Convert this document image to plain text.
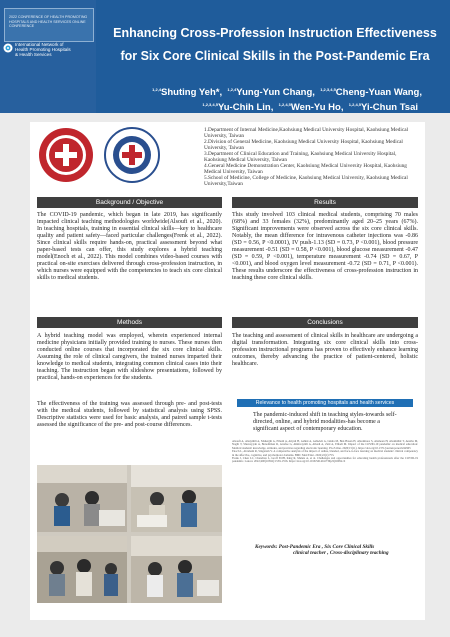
2022 CONFERENCE OF HEALTH PROMOTING
HOSPITALS AND HEALTH SERVICES ONLINE
CONFERENCE
International Network of
Health Promoting Hospitals
& Health Services
Enhancing Cross-Profession Instruction Effectiveness
for Six Core Clinical Skills in the Post-Pandemic Era
$^{1,2,4}$Shuting Yeh*, $^{1,2,4}$Yung-Yun Chang, $^{1,2,3,4,5}$Cheng-Yuan Wang,
$^{1,2,3,4,5}$Yu-Chih Lin, $^{1,2,4,5}$Wen-Yu Ho, $^{1,2,4,5}$Yi-Chun Tsai
1.Department of Internal Medicine,Kaohsiung Medical University Hospital, Kaohsiung Medical University, Taiwan
2.Division of General Medicine, Kaohsiung Medical University Hospital, Kaohsiung Medical University, Taiwan
3.Department of Clinical Education and Training, Kaohsiung Medical University Hospital, Kaohsiung Medical University, Taiwan
4.General Medicine Demonstration Center, Kaohsiung Medical University Hospital, Kaohsiung Medical University, Taiwan
5.School of Medicine, College of Medicine, Kaohsiung Medical University, Kaohsiung Medical University,Taiwan
Background / Objective
The COVID-19 pandemic, which began in late 2019, has significantly impacted clinical teaching methodologies worldwide(Alsoufi et al., 2020). In teaching hospitals, training in essential clinical skills—key to healthcare quality and patient safety—faced particular challenges(Frenk et al., 2022). Since clinical skills require hands-on, practical assessment beyond what paper-based tests can offer, this study explores a hybrid teaching model(Enoch et al., 2022). This model combines video-based courses with practical on-site exercises delivered through cross-profession instruction, in which nurses were equipped with the competencies to teach six core clinical skills to medical students.
Results
This study involved 103 clinical medical students, comprising 70 males (68%) and 33 females (32%), predominantly aged 20–25 years (67%). Significant improvements were observed across the six core clinical skills. Notably, the mean difference for intravenous catheter injections was -0.86 (SD = 0.56, P <0.0001), IV push-1.13 (SD = 0.73, P <0.001), blood pressure measurement -0.51 (SD = 0.58, P <0.001), blood glucose measurement -0.47 (SD = 0.59, P <0.001), temperature measurement -0.74 (SD = 0.67, P <0.001), and blood oxygen level measurement -0.72 (SD = 0.71, P <0.001). These results underscore the effectiveness of cross-profession instruction in teaching these core clinical skills.
Methods
A hybrid teaching model was employed, wherein experienced internal medicine physicians initially provided training to nurses. These nurses then conducted online courses that incorporated the six core clinical skills. Assuming the role of clinical caregivers, the trained nurses imparted their knowledge to medical students, integrating common clinical cases into their teaching. The instruction began with slideshow presentations, followed by practical, hands-on experiences for the students.
The effectiveness of the training was assessed through pre- and post-tests with the medical students, followed by statistical analysis using SPSS. Descriptive statistics were used for basic analysis, and paired sample t-tests assessed the significance of the pre- and post-course differences.
Conclusions
The teaching and assessment of clinical skills in healthcare are undergoing a digital transformation. Integrating six core clinical skills into cross-profession instructional programs has proven to effectively enhance learning outcomes, thereby advancing the practice of patient-centered, holistic healthcare.
Relevance to health promoting hospitals and health services
The pandemic-induced shift in teaching styles-towards self-directed, online, and hybrid modalities-has become a significant aspect of contemporary education.
Alsoufi A, Alsuyihili A, Msherghi A, Elhadi A, Atiyah H, Ashini A, Ashwieb A, Ghula M, Ben Hasan H, Abudabuos S, Alameen H, Abokhdhir T, Anaiba M, Nagib T, Shuwayyah A, Benothman R, Arrefae G, Alkhwayildi A, Alhadi A, Zaid A, Elhadi M. Impact of the COVID-19 pandemic on medical education: Medical students' knowledge, attitudes, and practices regarding electronic learning. PLoS One. 2020;15(11). https://doi.org/10.1371/journal.pone.0242905
Enoch L, Abraham R, Singaram V. A comparative analysis of the impact of online, blended, and face-to-face learning on medical students' clinical competency in the affective, cognitive, and psychomotor domains. BMC Med Educ. 2022;22(1):753.
Frenk J, Chen LC, Chandran L, Groff EOH, King R, Meleis A, et al. Challenges and opportunities for educating health professionals after the COVID-19 pandemic. Lancet. 2022;400(10362):1539-1556. https://doi.org/10.1016/S0140-6736(22)02092-X
Keywords: Post-Pandemic Era , Six Core Clinical Skills
clinical teacher , Cross-disciplinary teaching
